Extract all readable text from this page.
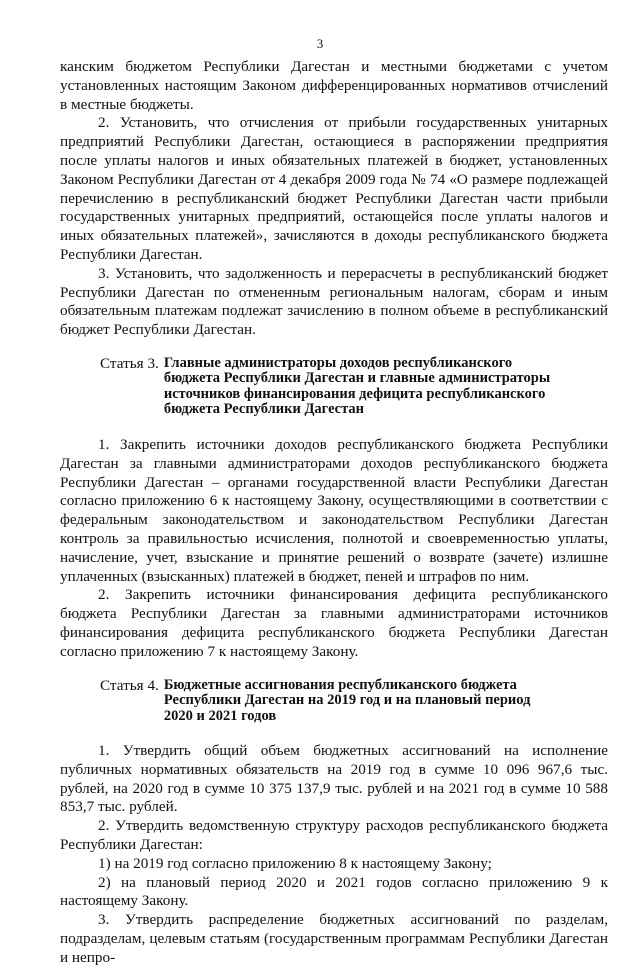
3

канским бюджетом Республики Дагестан и местными бюджетами с учетом установленных настоящим Законом дифференцированных нормативов отчислений в местные бюджеты.

2. Установить, что отчисления от прибыли государственных унитарных предприятий Республики Дагестан, остающиеся в распоряжении предприятия после уплаты налогов и иных обязательных платежей в бюджет, установленных Законом Республики Дагестан от 4 декабря 2009 года № 74 «О размере подлежащей перечислению в республиканский бюджет Республики Дагестан части прибыли государственных унитарных предприятий, остающейся после уплаты налогов и иных обязательных платежей», зачисляются в доходы республиканского бюджета Республики Дагестан.

3. Установить, что задолженность и перерасчеты в республиканский бюджет Республики Дагестан по отмененным региональным налогам, сборам и иным обязательным платежам подлежат зачислению в полном объеме в республиканский бюджет Республики Дагестан.

Статья 3. Главные администраторы доходов республиканского
бюджета Республики Дагестан и главные администраторы
источников финансирования дефицита республиканского
бюджета Республики Дагестан

1. Закрепить источники доходов республиканского бюджета Республики Дагестан за главными администраторами доходов республиканского бюджета Республики Дагестан – органами государственной власти Республики Дагестан согласно приложению 6 к настоящему Закону, осуществляющими в соответствии с федеральным законодательством и законодательством Республики Дагестан контроль за правильностью исчисления, полнотой и своевременностью уплаты, начисление, учет, взыскание и принятие решений о возврате (зачете) излишне уплаченных (взысканных) платежей в бюджет, пеней и штрафов по ним.

2. Закрепить источники финансирования дефицита республиканского бюджета Республики Дагестан за главными администраторами источников финансирования дефицита республиканского бюджета Республики Дагестан согласно приложению 7 к настоящему Закону.

Статья 4. Бюджетные ассигнования республиканского бюджета
Республики Дагестан на 2019 год и на плановый период
2020 и 2021 годов

1. Утвердить общий объем бюджетных ассигнований на исполнение публичных нормативных обязательств на 2019 год в сумме 10 096 967,6 тыс. рублей, на 2020 год в сумме 10 375 137,9 тыс. рублей и на 2021 год в сумме 10 588 853,7 тыс. рублей.

2. Утвердить ведомственную структуру расходов республиканского бюджета Республики Дагестан:

1) на 2019 год согласно приложению 8 к настоящему Закону;

2) на плановый период 2020 и 2021 годов согласно приложению 9 к настоящему Закону.

3. Утвердить распределение бюджетных ассигнований по разделам, подразделам, целевым статьям (государственным программам Республики Дагестан и непро-
